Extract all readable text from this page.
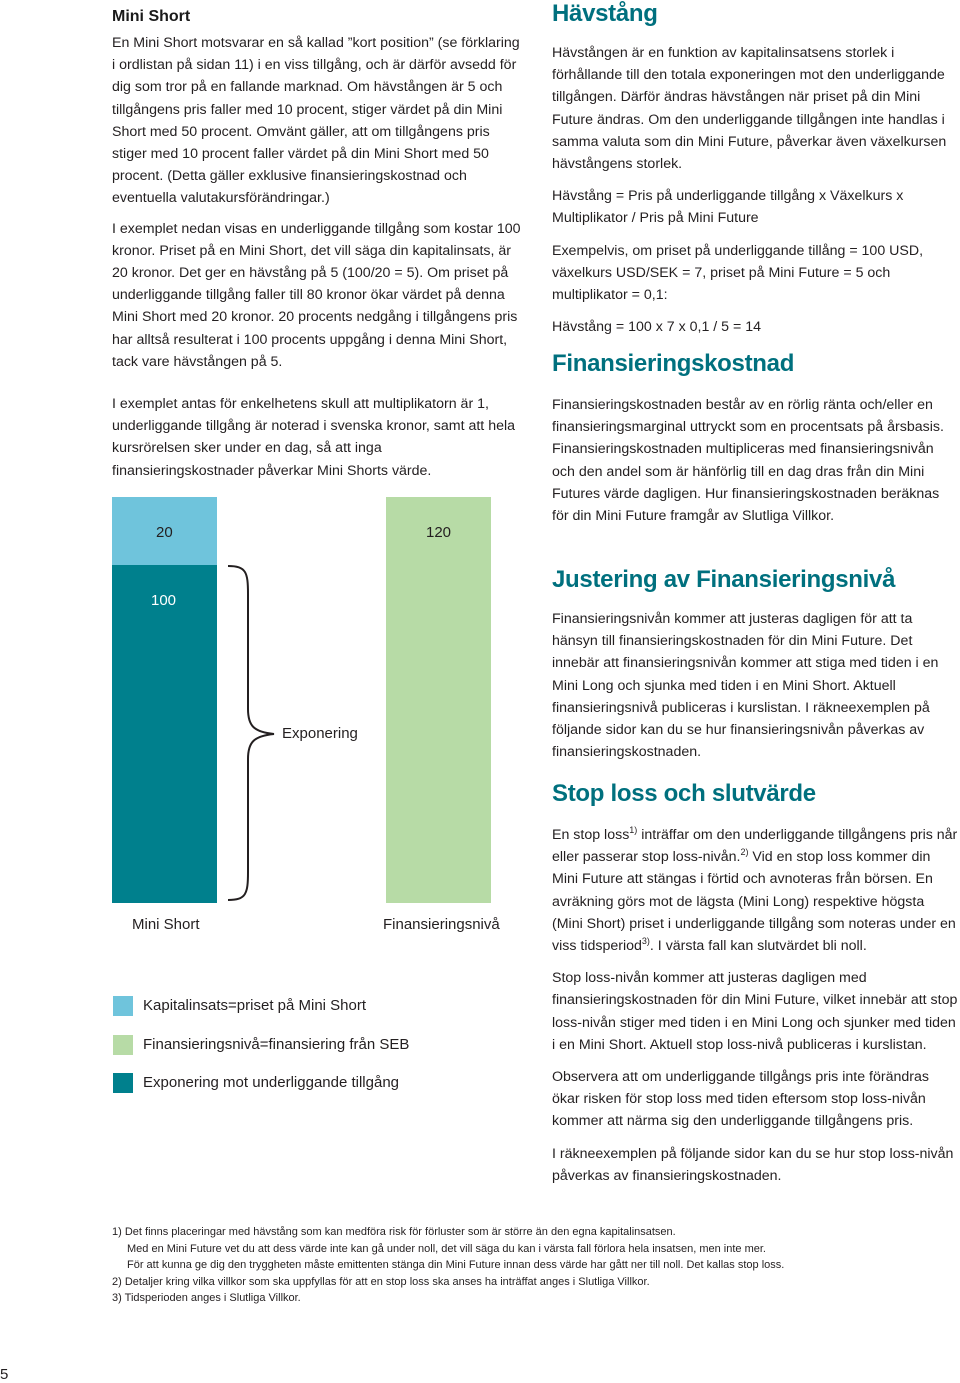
Mini Short

En Mini Short motsvarar en så kallad ”kort position” (se förklaring i ordlistan på sidan 11) i en viss tillgång, och är därför avsedd för dig som tror på en fallande marknad. Om hävstången är 5 och tillgångens pris faller med 10 procent, stiger värdet på din Mini Short med 50 procent. Omvänt gäller, att om tillgångens pris stiger med 10 procent faller värdet på din Mini Short med 50 procent. (Detta gäller exklusive finansieringskostnad och eventuella valutakursförändringar.)

I exemplet nedan visas en underliggande tillgång som kostar 100 kronor. Priset på en Mini Short, det vill säga din kapitalinsats, är 20 kronor. Det ger en hävstång på 5 (100/20 = 5). Om priset på underliggande tillgång faller till 80 kronor ökar värdet på denna Mini Short med 20 kronor. 20 procents nedgång i tillgångens pris har alltså resulterat i 100 procents uppgång i denna Mini Short, tack vare hävstången på 5.

I exemplet antas för enkelhetens skull att multiplikatorn är 1, underliggande tillgång är noterad i svenska kronor, samt att hela kursrörelsen sker under en dag, så att inga finansieringskostnader påverkar Mini Shorts värde.

20
100
120
Exponering
Mini Short	Finansieringsnivå
Kapitalinsats=priset på Mini Short
Finansieringsnivå=finansiering från SEB
Exponering mot underliggande tillgång
Hävstång

Hävstången är en funktion av kapitalinsatsens storlek i förhållande till den totala exponeringen mot den underliggande tillgången. Därför ändras hävstången när priset på din Mini Future ändras. Om den underliggande tillgången inte handlas i samma valuta som din Mini Future, påverkar även växelkursen hävstångens storlek.

Hävstång = Pris på underliggande tillgång x Växelkurs x Multiplikator / Pris på Mini Future

Exempelvis, om priset på underliggande tillång = 100 USD, växelkurs USD/SEK = 7, priset på Mini Future = 5 och multiplikator = 0,1:

Hävstång = 100 x 7 x 0,1 / 5 = 14

Finansieringskostnad

Finansieringskostnaden består av en rörlig ränta och/eller en finansieringsmarginal uttryckt som en procentsats på årsbasis. Finansieringskostnaden multipliceras med finansieringsnivån och den andel som är hänförlig till en dag dras från din Mini Futures värde dagligen. Hur finansieringskostnaden beräknas för din Mini Future framgår av Slutliga Villkor.

Justering av Finansieringsnivå

Finansieringsnivån kommer att justeras dagligen för att ta hänsyn till finansieringskostnaden för din Mini Future. Det innebär att finansieringsnivån kommer att stiga med tiden i en Mini Long och sjunka med tiden i en Mini Short. Aktuell finansieringsnivå publiceras i kurslistan. I räkneexemplen på följande sidor kan du se hur finansieringsnivån påverkas av finansieringskostnaden.

Stop loss och slutvärde

En stop loss$^{1)}$ inträffar om den underliggande tillgångens pris når eller passerar stop loss-nivån.$^{2)}$ Vid en stop loss kommer din Mini Future att stängas i förtid och avnoteras från börsen. En avräkning görs mot de lägsta (Mini Long) respektive högsta (Mini Short) priset i underliggande tillgång som noteras under en viss tidsperiod$^{3)}$. I värsta fall kan slutvärdet bli noll.

Stop loss-nivån kommer att justeras dagligen med finansieringskostnaden för din Mini Future, vilket innebär att stop loss-nivån stiger med tiden i en Mini Long och sjunker med tiden i en Mini Short. Aktuell stop loss-nivå publiceras i kurslistan.

Observera att om underliggande tillgångs pris inte förändras ökar risken för stop loss med tiden eftersom stop loss-nivån kommer att närma sig den underliggande tillgångens pris.

I räkneexemplen på följande sidor kan du se hur stop loss-nivån påverkas av finansieringskostnaden.

1) Det finns placeringar med hävstång som kan medföra risk för förluster som är större än den egna kapitalinsatsen.
Med en Mini Future vet du att dess värde inte kan gå under noll, det vill säga du kan i värsta fall förlora hela insatsen, men inte mer.
För att kunna ge dig den tryggheten måste emittenten stänga din Mini Future innan dess värde har gått ner till noll. Det kallas stop loss.
2) Detaljer kring vilka villkor som ska uppfyllas för att en stop loss ska anses ha inträffat anges i Slutliga Villkor.
3) Tidsperioden anges i Slutliga Villkor.
5
